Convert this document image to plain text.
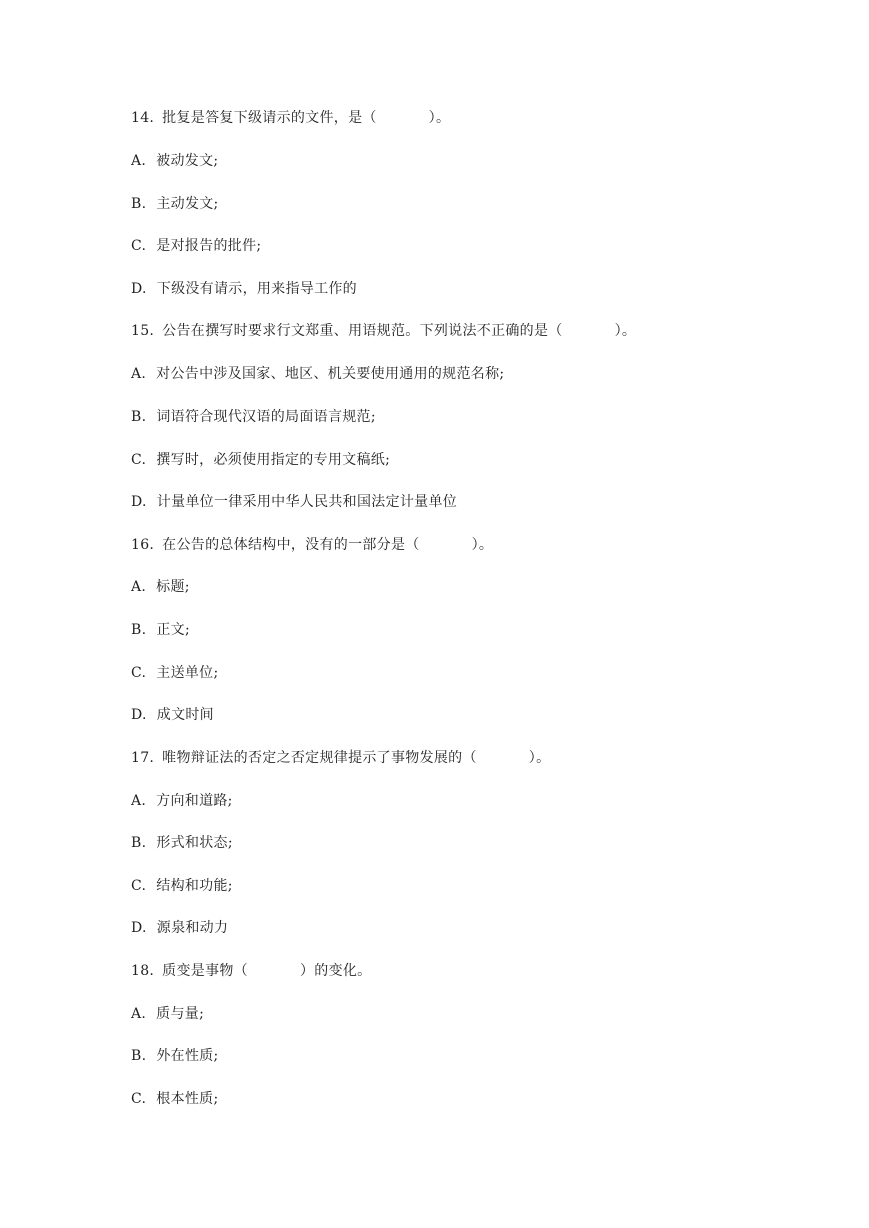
14. 批复是答复下级请示的文件，是（	）。
A. 被动发文;
B. 主动发文;
C. 是对报告的批件;
D. 下级没有请示，用来指导工作的
15. 公告在撰写时要求行文郑重、用语规范。下列说法不正确的是（	）。
A. 对公告中涉及国家、地区、机关要使用通用的规范名称;
B. 词语符合现代汉语的局面语言规范;
C. 撰写时，必须使用指定的专用文稿纸;
D. 计量单位一律采用中华人民共和国法定计量单位
16. 在公告的总体结构中，没有的一部分是（	）。
A. 标题;
B. 正文;
C. 主送单位;
D. 成文时间
17. 唯物辩证法的否定之否定规律提示了事物发展的（	）。
A. 方向和道路;
B. 形式和状态;
C. 结构和功能;
D. 源泉和动力
18. 质变是事物（	）的变化。
A. 质与量;
B. 外在性质;
C. 根本性质;
